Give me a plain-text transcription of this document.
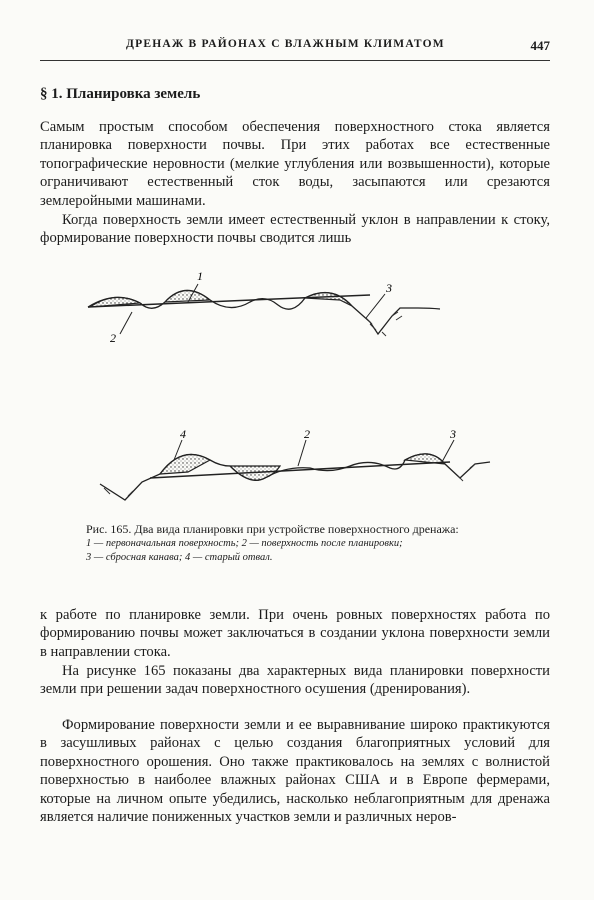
ДРЕНАЖ В РАЙОНАХ С ВЛАЖНЫМ КЛИМАТОМ	447
§ 1. Планировка земель

Самым простым способом обеспечения поверхностного стока является планировка поверхности почвы. При этих работах все естественные топографические неровности (мелкие углубления или возвышенности), которые ограничивают естественный сток воды, засыпаются или срезаются землеройными машинами.

Когда поверхность земли имеет естественный уклон в направлении к стоку, формирование поверхности почвы сводится лишь

1
2
3
4	2	3
Рис. 165. Два вида планировки при устройстве поверхностного дренажа:
1 — первоначальная поверхность; 2 — поверхность после планировки;
3 — сбросная канава; 4 — старый отвал.

к работе по планировке земли. При очень ровных поверхностях работа по формированию почвы может заключаться в создании уклона поверхности земли в направлении стока.

На рисунке 165 показаны два характерных вида планировки поверхности земли при решении задач поверхностного осушения (дренирования).

Формирование поверхности земли и ее выравнивание широко практикуются в засушливых районах с целью создания благоприятных условий для поверхностного орошения. Оно также практиковалось на землях с волнистой поверхностью в наиболее влажных районах США и в Европе фермерами, которые на личном опыте убедились, насколько неблагоприятным для дренажа является наличие пониженных участков земли и различных неров-
